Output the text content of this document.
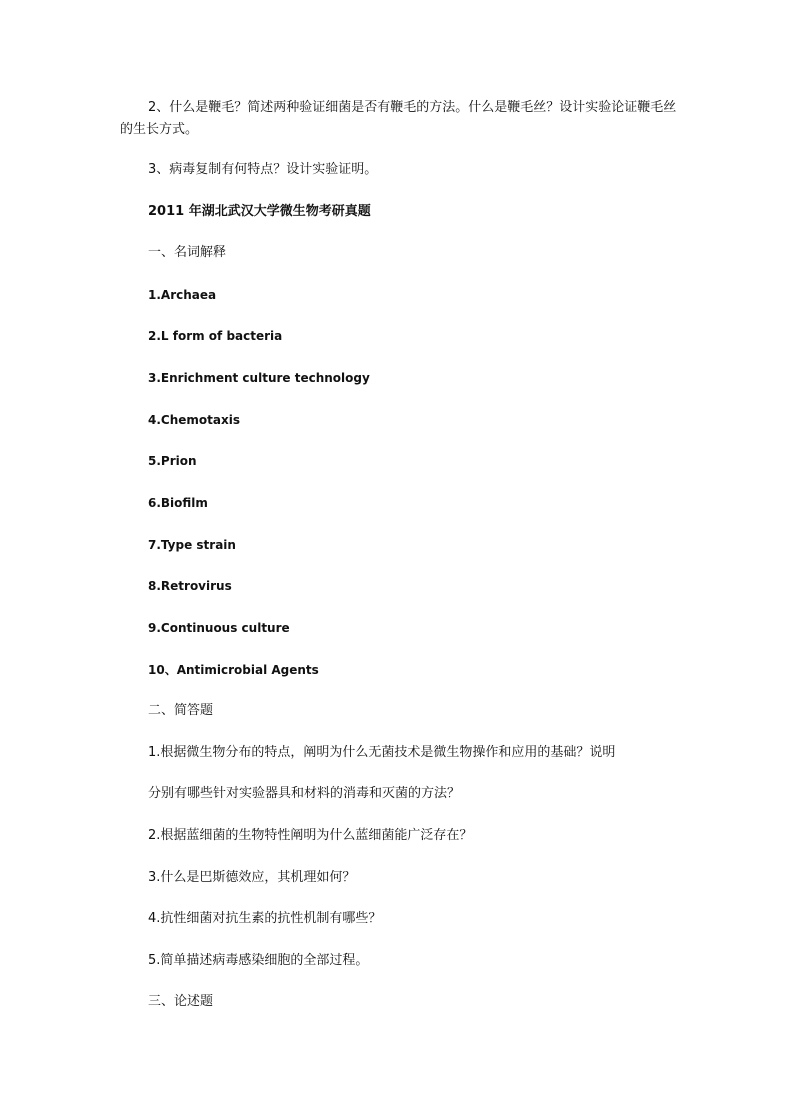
2、什么是鞭毛？简述两种验证细菌是否有鞭毛的方法。什么是鞭毛丝？设计实验论证鞭毛丝的生长方式。
3、病毒复制有何特点？设计实验证明。
2011 年湖北武汉大学微生物考研真题
一、名词解释
1.Archaea
2.L form of bacteria
3.Enrichment culture technology
4.Chemotaxis
5.Prion
6.Biofilm
7.Type strain
8.Retrovirus
9.Continuous culture
10、Antimicrobial Agents
二、简答题
1.根据微生物分布的特点，阐明为什么无菌技术是微生物操作和应用的基础？说明
分别有哪些针对实验器具和材料的消毒和灭菌的方法？
2.根据蓝细菌的生物特性阐明为什么蓝细菌能广泛存在？
3.什么是巴斯德效应，其机理如何？
4.抗性细菌对抗生素的抗性机制有哪些？
5.简单描述病毒感染细胞的全部过程。
三、论述题
